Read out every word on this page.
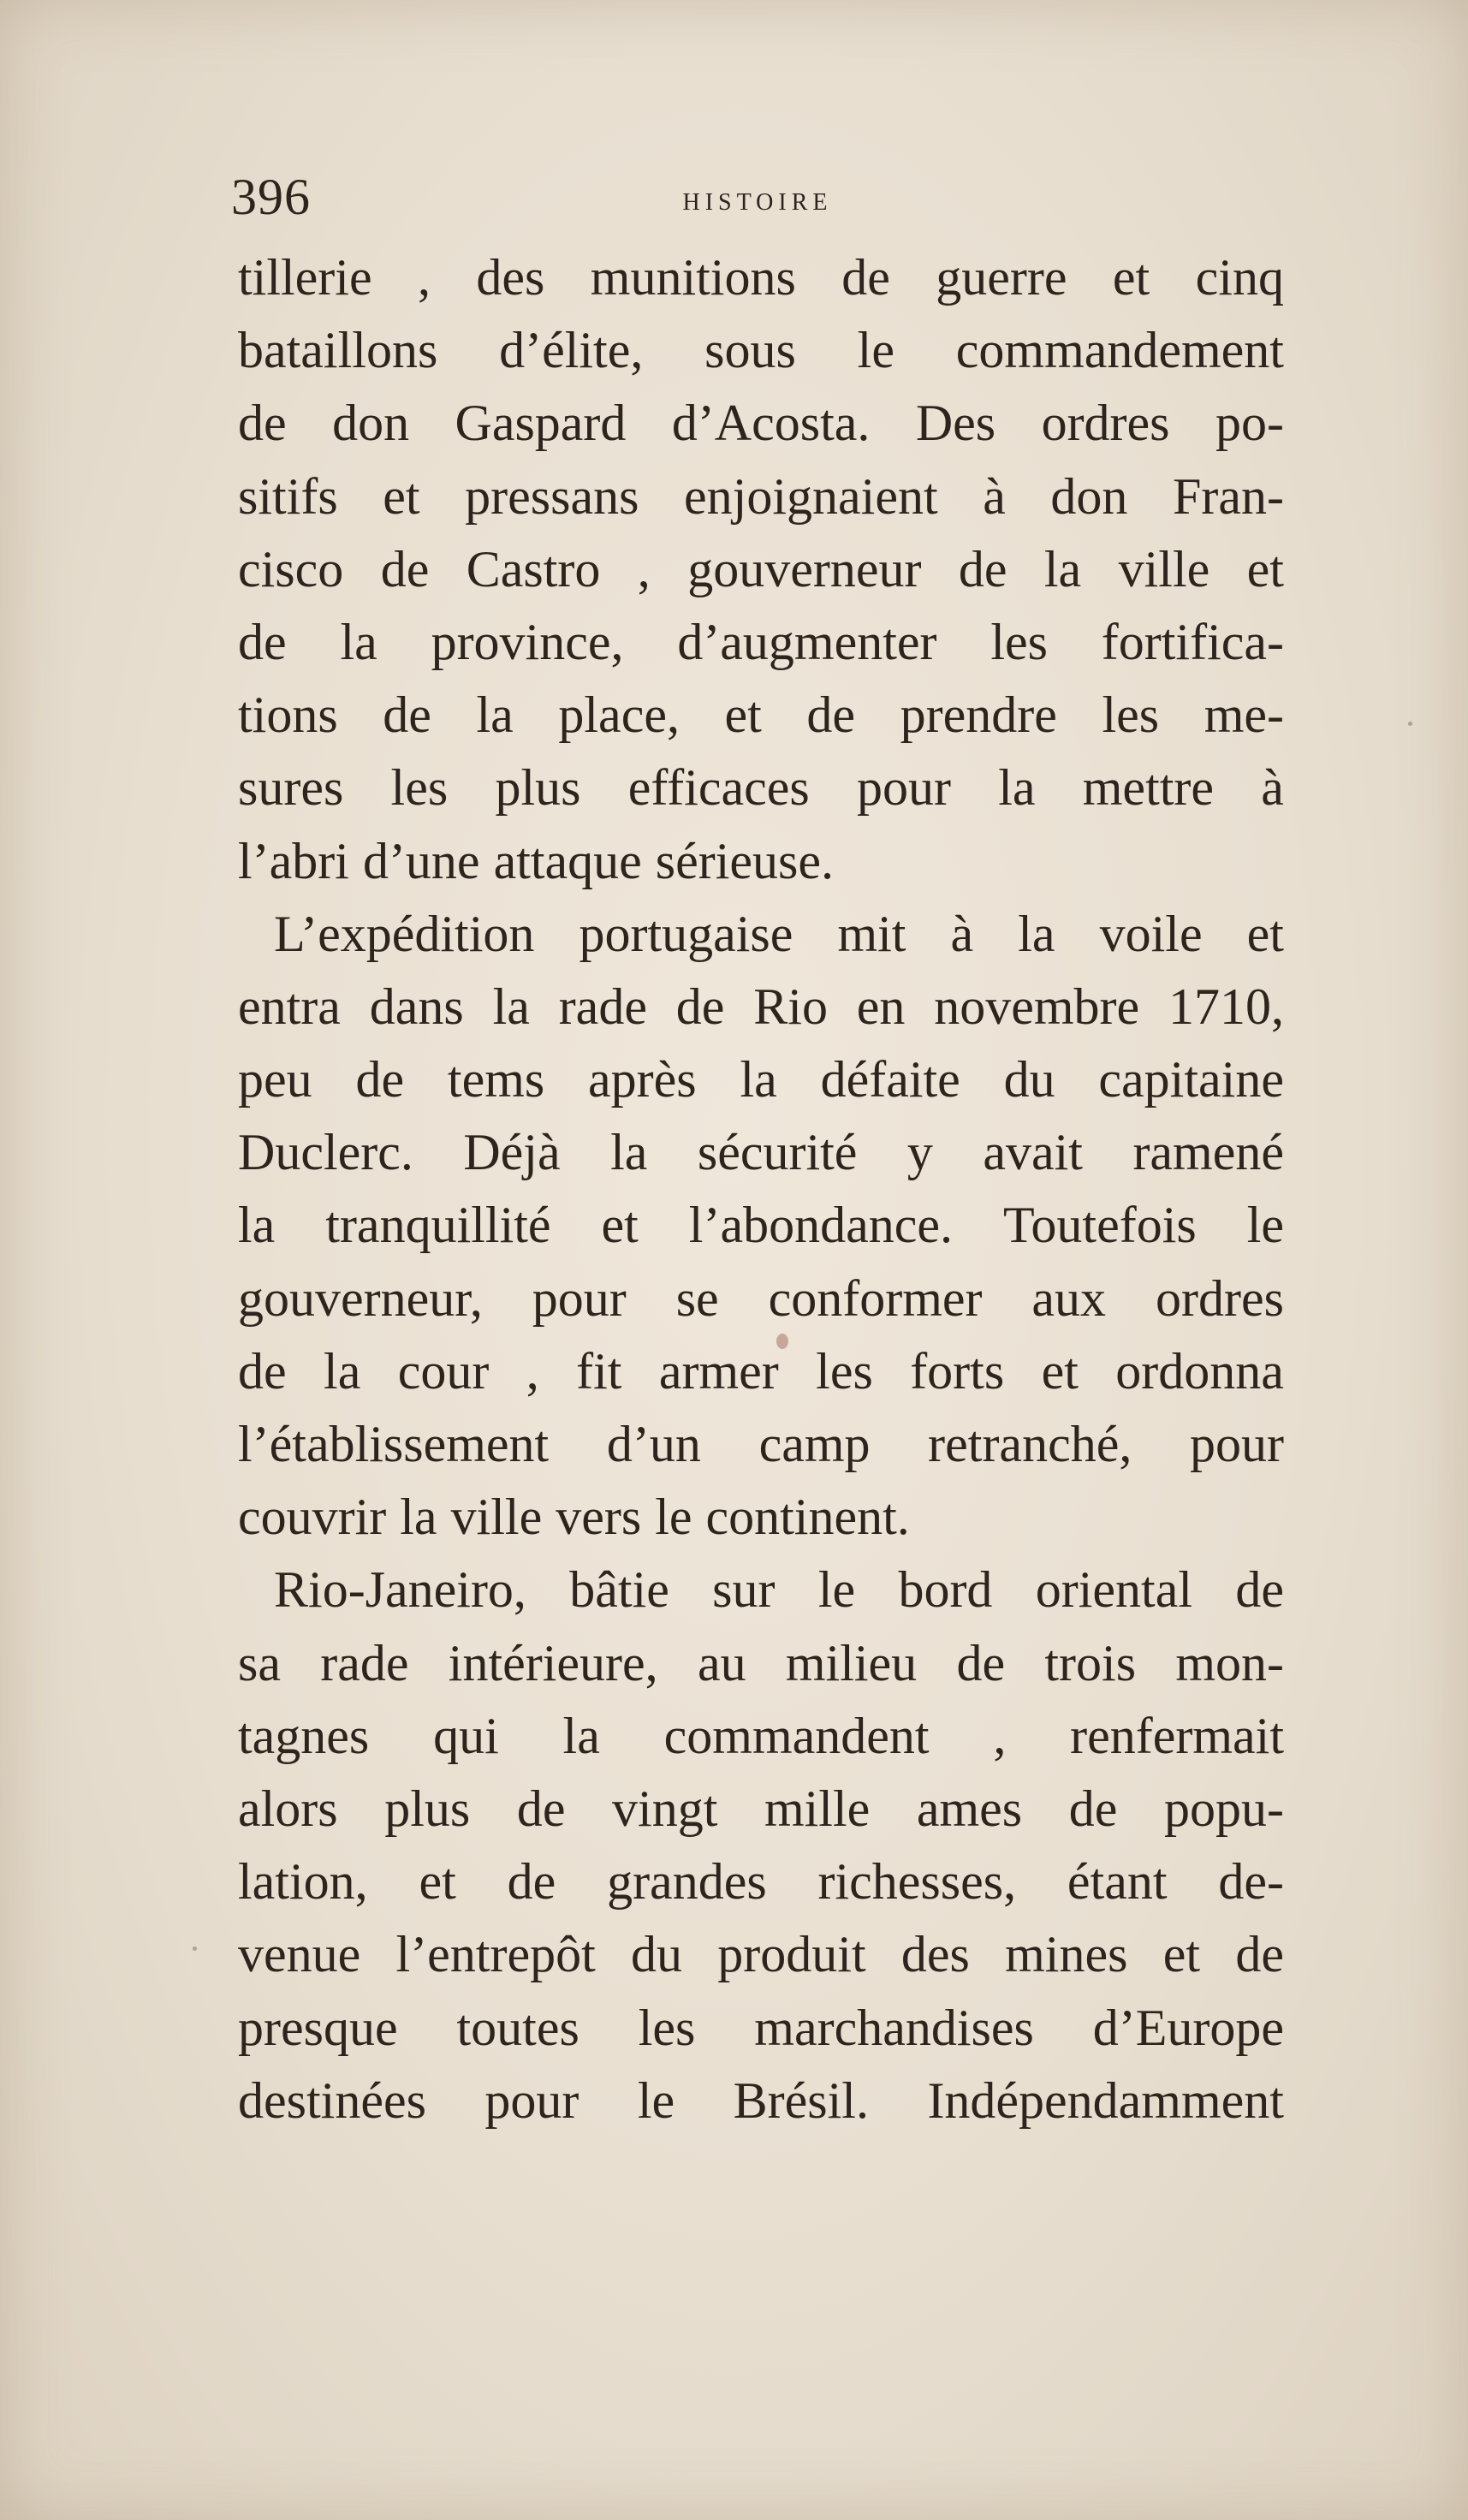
396	HISTOIRE
tillerie , des munitions de guerre et cinq
bataillons d’élite, sous le commandement
de don Gaspard d’Acosta. Des ordres po-
sitifs et pressans enjoignaient à don Fran-
cisco de Castro , gouverneur de la ville et
de la province, d’augmenter les fortifica-
tions de la place, et de prendre les me-
sures les plus efficaces pour la mettre à
l’abri d’une attaque sérieuse.
L’expédition portugaise mit à la voile et
entra dans la rade de Rio en novembre 1710,
peu de tems après la défaite du capitaine
Duclerc. Déjà la sécurité y avait ramené
la tranquillité et l’abondance. Toutefois le
gouverneur, pour se conformer aux ordres
de la cour , fit armer les forts et ordonna
l’établissement d’un camp retranché, pour
couvrir la ville vers le continent.
Rio-Janeiro, bâtie sur le bord oriental de
sa rade intérieure, au milieu de trois mon-
tagnes qui la commandent , renfermait
alors plus de vingt mille ames de popu-
lation, et de grandes richesses, étant de-
venue l’entrepôt du produit des mines et de
presque toutes les marchandises d’Europe
destinées pour le Brésil. Indépendamment
